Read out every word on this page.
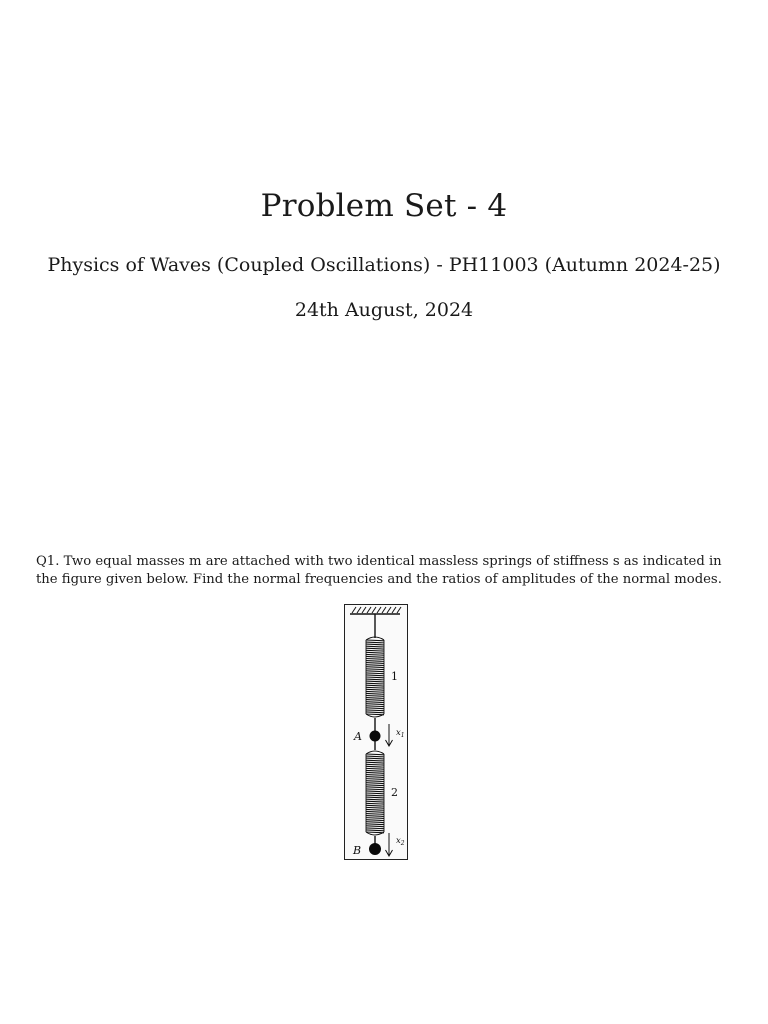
Problem Set - 4
Physics of Waves (Coupled Oscillations) - PH11003 (Autumn 2024-25)
24th August, 2024
Q1. Two equal masses m are attached with two identical massless springs of stiffness s as indicated in
the figure given below. Find the normal frequencies and the ratios of amplitudes of the normal modes.
1
2
A
B
$x_1$
$x_2$
